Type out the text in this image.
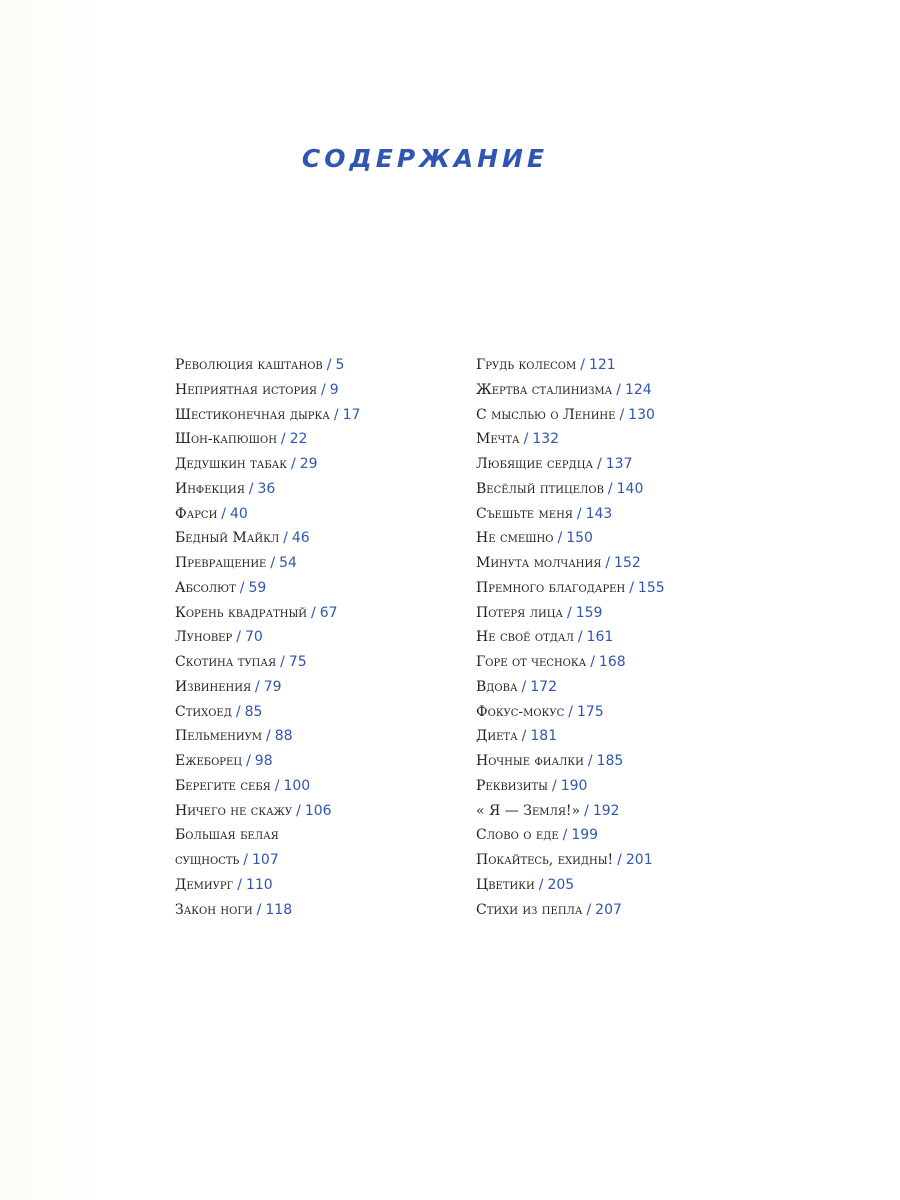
СОДЕРЖАНИЕ
Революция каштанов / 5
Неприятная история / 9
Шестиконечная дырка / 17
Шон-капюшон / 22
Дедушкин табак / 29
Инфекция / 36
Фарси / 40
Бедный Майкл / 46
Превращение / 54
Абсолют / 59
Корень квадратный / 67
Луновер / 70
Скотина тупая / 75
Извинения / 79
Стихоед / 85
Пельмениум / 88
Ежеборец / 98
Берегите себя / 100
Ничего не скажу / 106
Большая белая
сущность / 107
Демиург / 110
Закон ноги / 118
Грудь колесом / 121
Жертва сталинизма / 124
С мыслью о Ленине / 130
Мечта / 132
Любящие сердца / 137
Весёлый птицелов / 140
Съешьте меня / 143
Не смешно / 150
Минута молчания / 152
Премного благодарен / 155
Потеря лица / 159
Не своё отдал / 161
Горе от чеснока / 168
Вдова / 172
Фокус-мокус / 175
Диета / 181
Ночные фиалки / 185
Реквизиты / 190
« Я — Земля!» / 192
Слово о еде / 199
Покайтесь, ехидны! / 201
Цветики / 205
Стихи из пепла / 207
